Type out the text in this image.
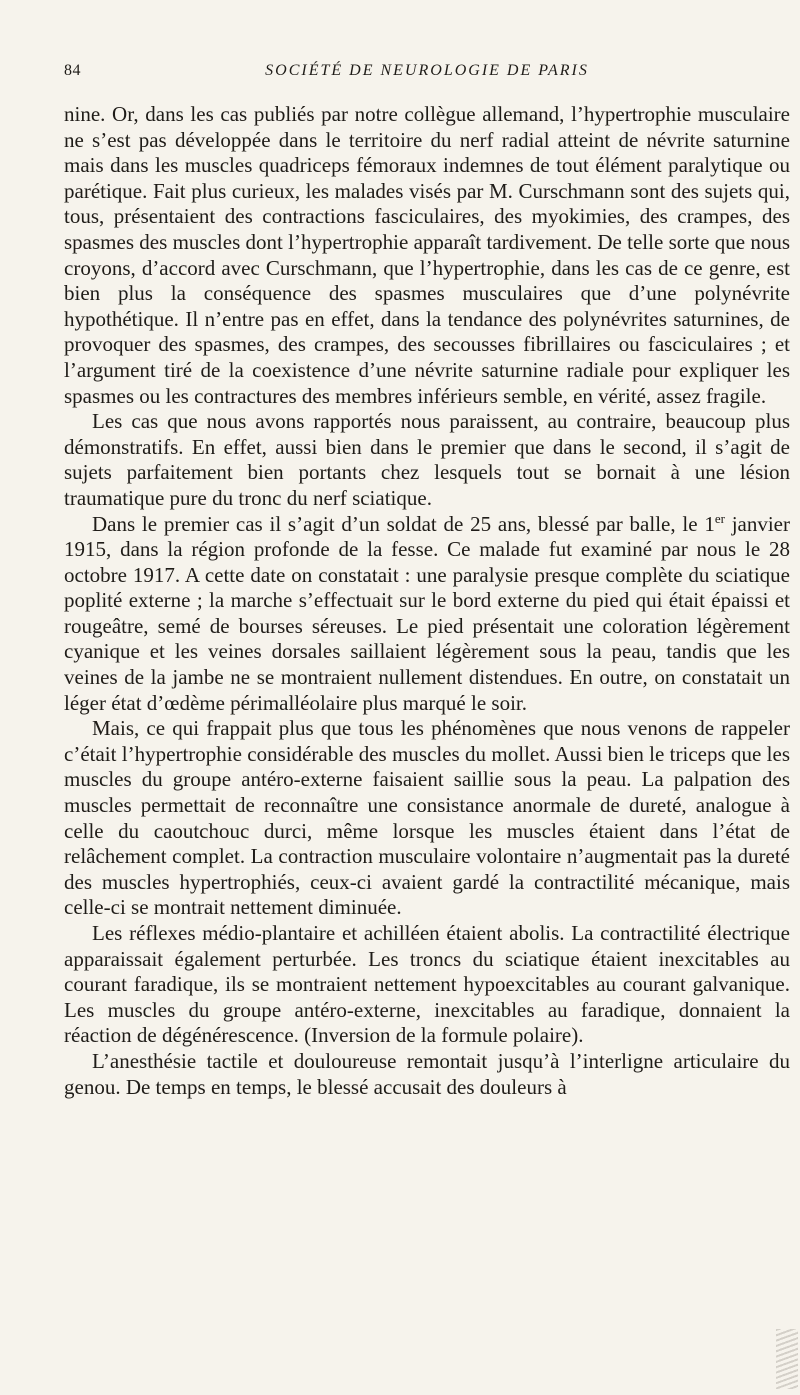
84	SOCIÉTÉ DE NEUROLOGIE DE PARIS

nine. Or, dans les cas publiés par notre collègue allemand, l’hypertrophie musculaire ne s’est pas développée dans le territoire du nerf radial atteint de névrite saturnine mais dans les muscles quadriceps fémoraux indemnes de tout élément paralytique ou parétique. Fait plus curieux, les malades visés par M. Curschmann sont des sujets qui, tous, présentaient des contractions fasciculaires, des myokimies, des crampes, des spasmes des muscles dont l’hypertrophie apparaît tardivement. De telle sorte que nous croyons, d’accord avec Curschmann, que l’hypertrophie, dans les cas de ce genre, est bien plus la conséquence des spasmes musculaires que d’une polynévrite hypothétique. Il n’entre pas en effet, dans la tendance des polynévrites saturnines, de provoquer des spasmes, des crampes, des secousses fibrillaires ou fasciculaires ; et l’argument tiré de la coexistence d’une névrite saturnine radiale pour expliquer les spasmes ou les contractures des membres inférieurs semble, en vérité, assez fragile.

Les cas que nous avons rapportés nous paraissent, au contraire, beaucoup plus démonstratifs. En effet, aussi bien dans le premier que dans le second, il s’agit de sujets parfaitement bien portants chez lesquels tout se bornait à une lésion traumatique pure du tronc du nerf sciatique.

Dans le premier cas il s’agit d’un soldat de 25 ans, blessé par balle, le 1er janvier 1915, dans la région profonde de la fesse. Ce malade fut examiné par nous le 28 octobre 1917. A cette date on constatait : une paralysie presque complète du sciatique poplité externe ; la marche s’effectuait sur le bord externe du pied qui était épaissi et rougeâtre, semé de bourses séreuses. Le pied présentait une coloration légèrement cyanique et les veines dorsales saillaient légèrement sous la peau, tandis que les veines de la jambe ne se montraient nullement distendues. En outre, on constatait un léger état d’œdème périmalléolaire plus marqué le soir.

Mais, ce qui frappait plus que tous les phénomènes que nous venons de rappeler c’était l’hypertrophie considérable des muscles du mollet. Aussi bien le triceps que les muscles du groupe antéro-externe faisaient saillie sous la peau. La palpation des muscles permettait de reconnaître une consistance anormale de dureté, analogue à celle du caoutchouc durci, même lorsque les muscles étaient dans l’état de relâchement complet. La contraction musculaire volontaire n’augmentait pas la dureté des muscles hypertrophiés, ceux-ci avaient gardé la contractilité mécanique, mais celle-ci se montrait nettement diminuée.

Les réflexes médio-plantaire et achilléen étaient abolis. La contractilité électrique apparaissait également perturbée. Les troncs du sciatique étaient inexcitables au courant faradique, ils se montraient nettement hypoexcitables au courant galvanique. Les muscles du groupe antéro-externe, inexcitables au faradique, donnaient la réaction de dégénérescence. (Inversion de la formule polaire).

L’anesthésie tactile et douloureuse remontait jusqu’à l’interligne articulaire du genou. De temps en temps, le blessé accusait des douleurs à
